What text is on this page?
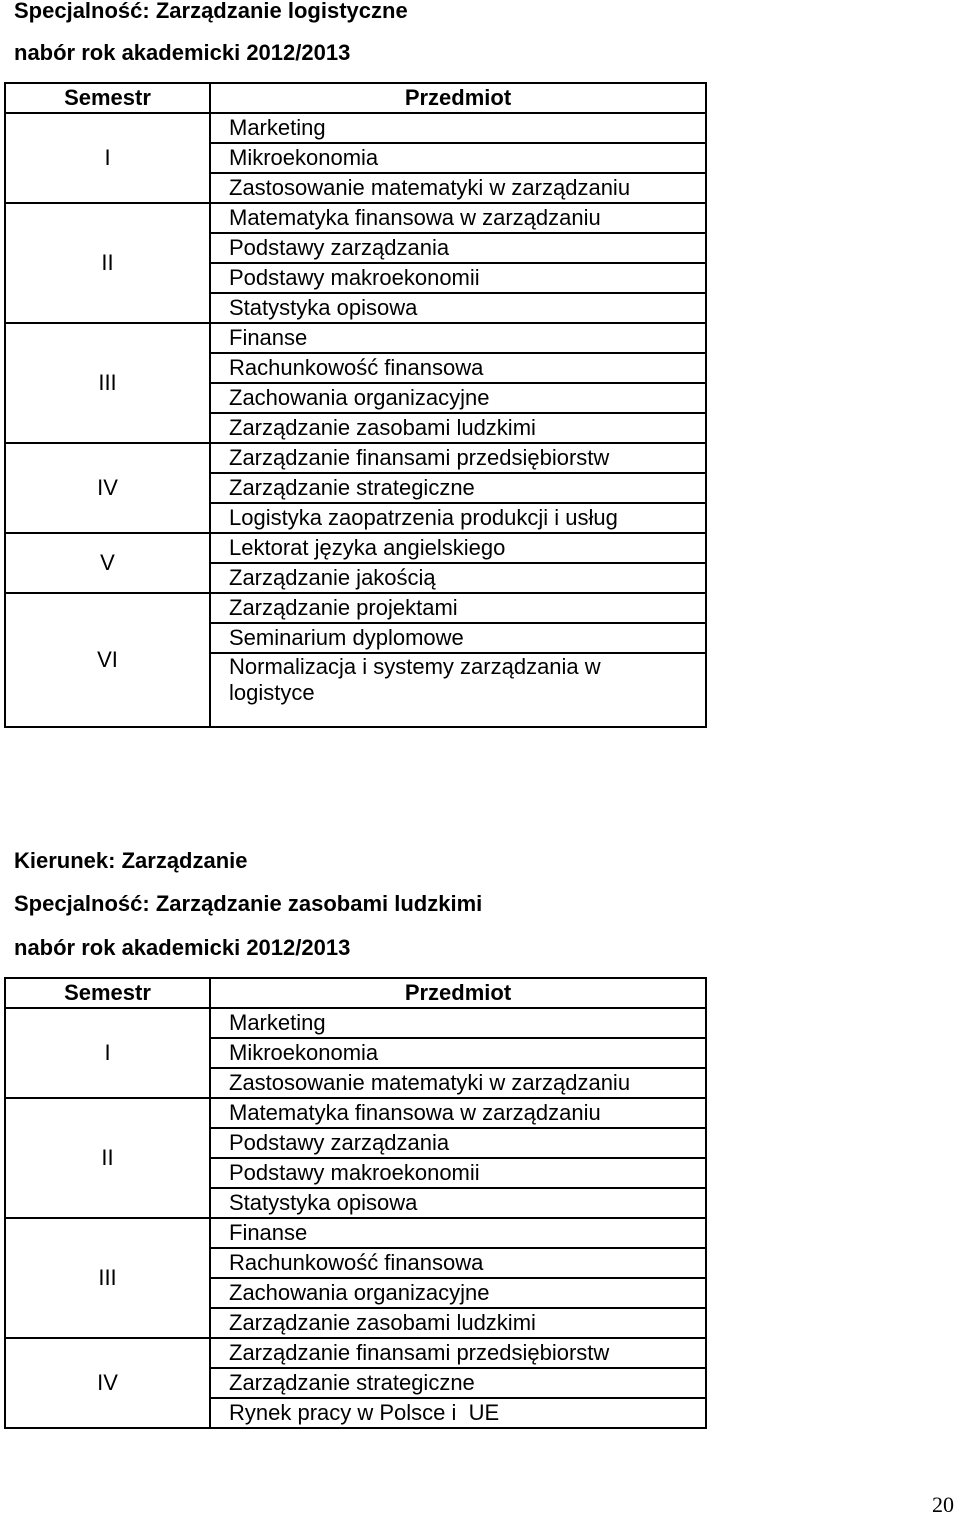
Specjalność: Zarządzanie logistyczne
nabór rok akademicki 2012/2013
Semestr	Przedmiot
I	Marketing
	Mikroekonomia
	Zastosowanie matematyki w zarządzaniu
II	Matematyka finansowa w zarządzaniu
	Podstawy zarządzania
	Podstawy makroekonomii
	Statystyka opisowa
III	Finanse
	Rachunkowość finansowa
	Zachowania organizacyjne
	Zarządzanie zasobami ludzkimi
IV	Zarządzanie finansami przedsiębiorstw
	Zarządzanie strategiczne
	Logistyka zaopatrzenia produkcji i usług
V	Lektorat języka angielskiego
	Zarządzanie jakością
VI	Zarządzanie projektami
	Seminarium dyplomowe
	Normalizacja i systemy zarządzania w logistyce
Kierunek: Zarządzanie
Specjalność: Zarządzanie zasobami ludzkimi
nabór rok akademicki 2012/2013
Semestr	Przedmiot
I	Marketing
	Mikroekonomia
	Zastosowanie matematyki w zarządzaniu
II	Matematyka finansowa w zarządzaniu
	Podstawy zarządzania
	Podstawy makroekonomii
	Statystyka opisowa
III	Finanse
	Rachunkowość finansowa
	Zachowania organizacyjne
	Zarządzanie zasobami ludzkimi
IV	Zarządzanie finansami przedsiębiorstw
	Zarządzanie strategiczne
	Rynek pracy w Polsce i  UE
20
